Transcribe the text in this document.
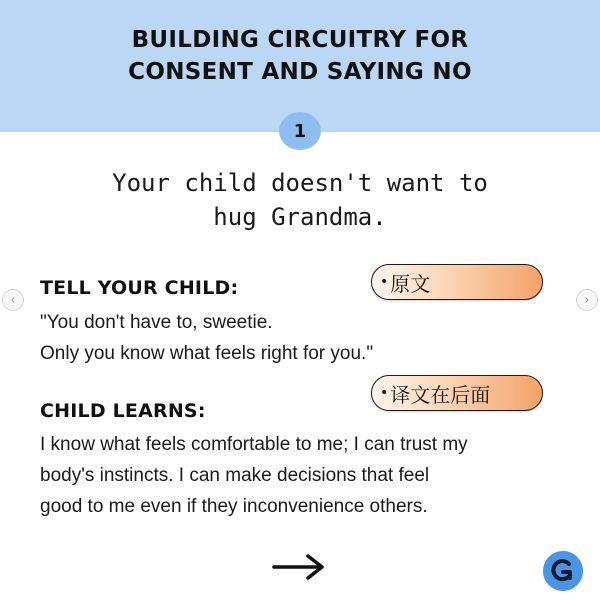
BUILDING CIRCUITRY FOR
CONSENT AND SAYING NO
1
Your child doesn't want to
hug Grandma.
TELL YOUR CHILD:
"You don't have to, sweetie.
Only you know what feels right for you."
CHILD LEARNS:
I know what feels comfortable to me; I can trust my
body's instincts. I can make decisions that feel
good to me even if they inconvenience others.
• 原文
• 译文在后面
‹	›
